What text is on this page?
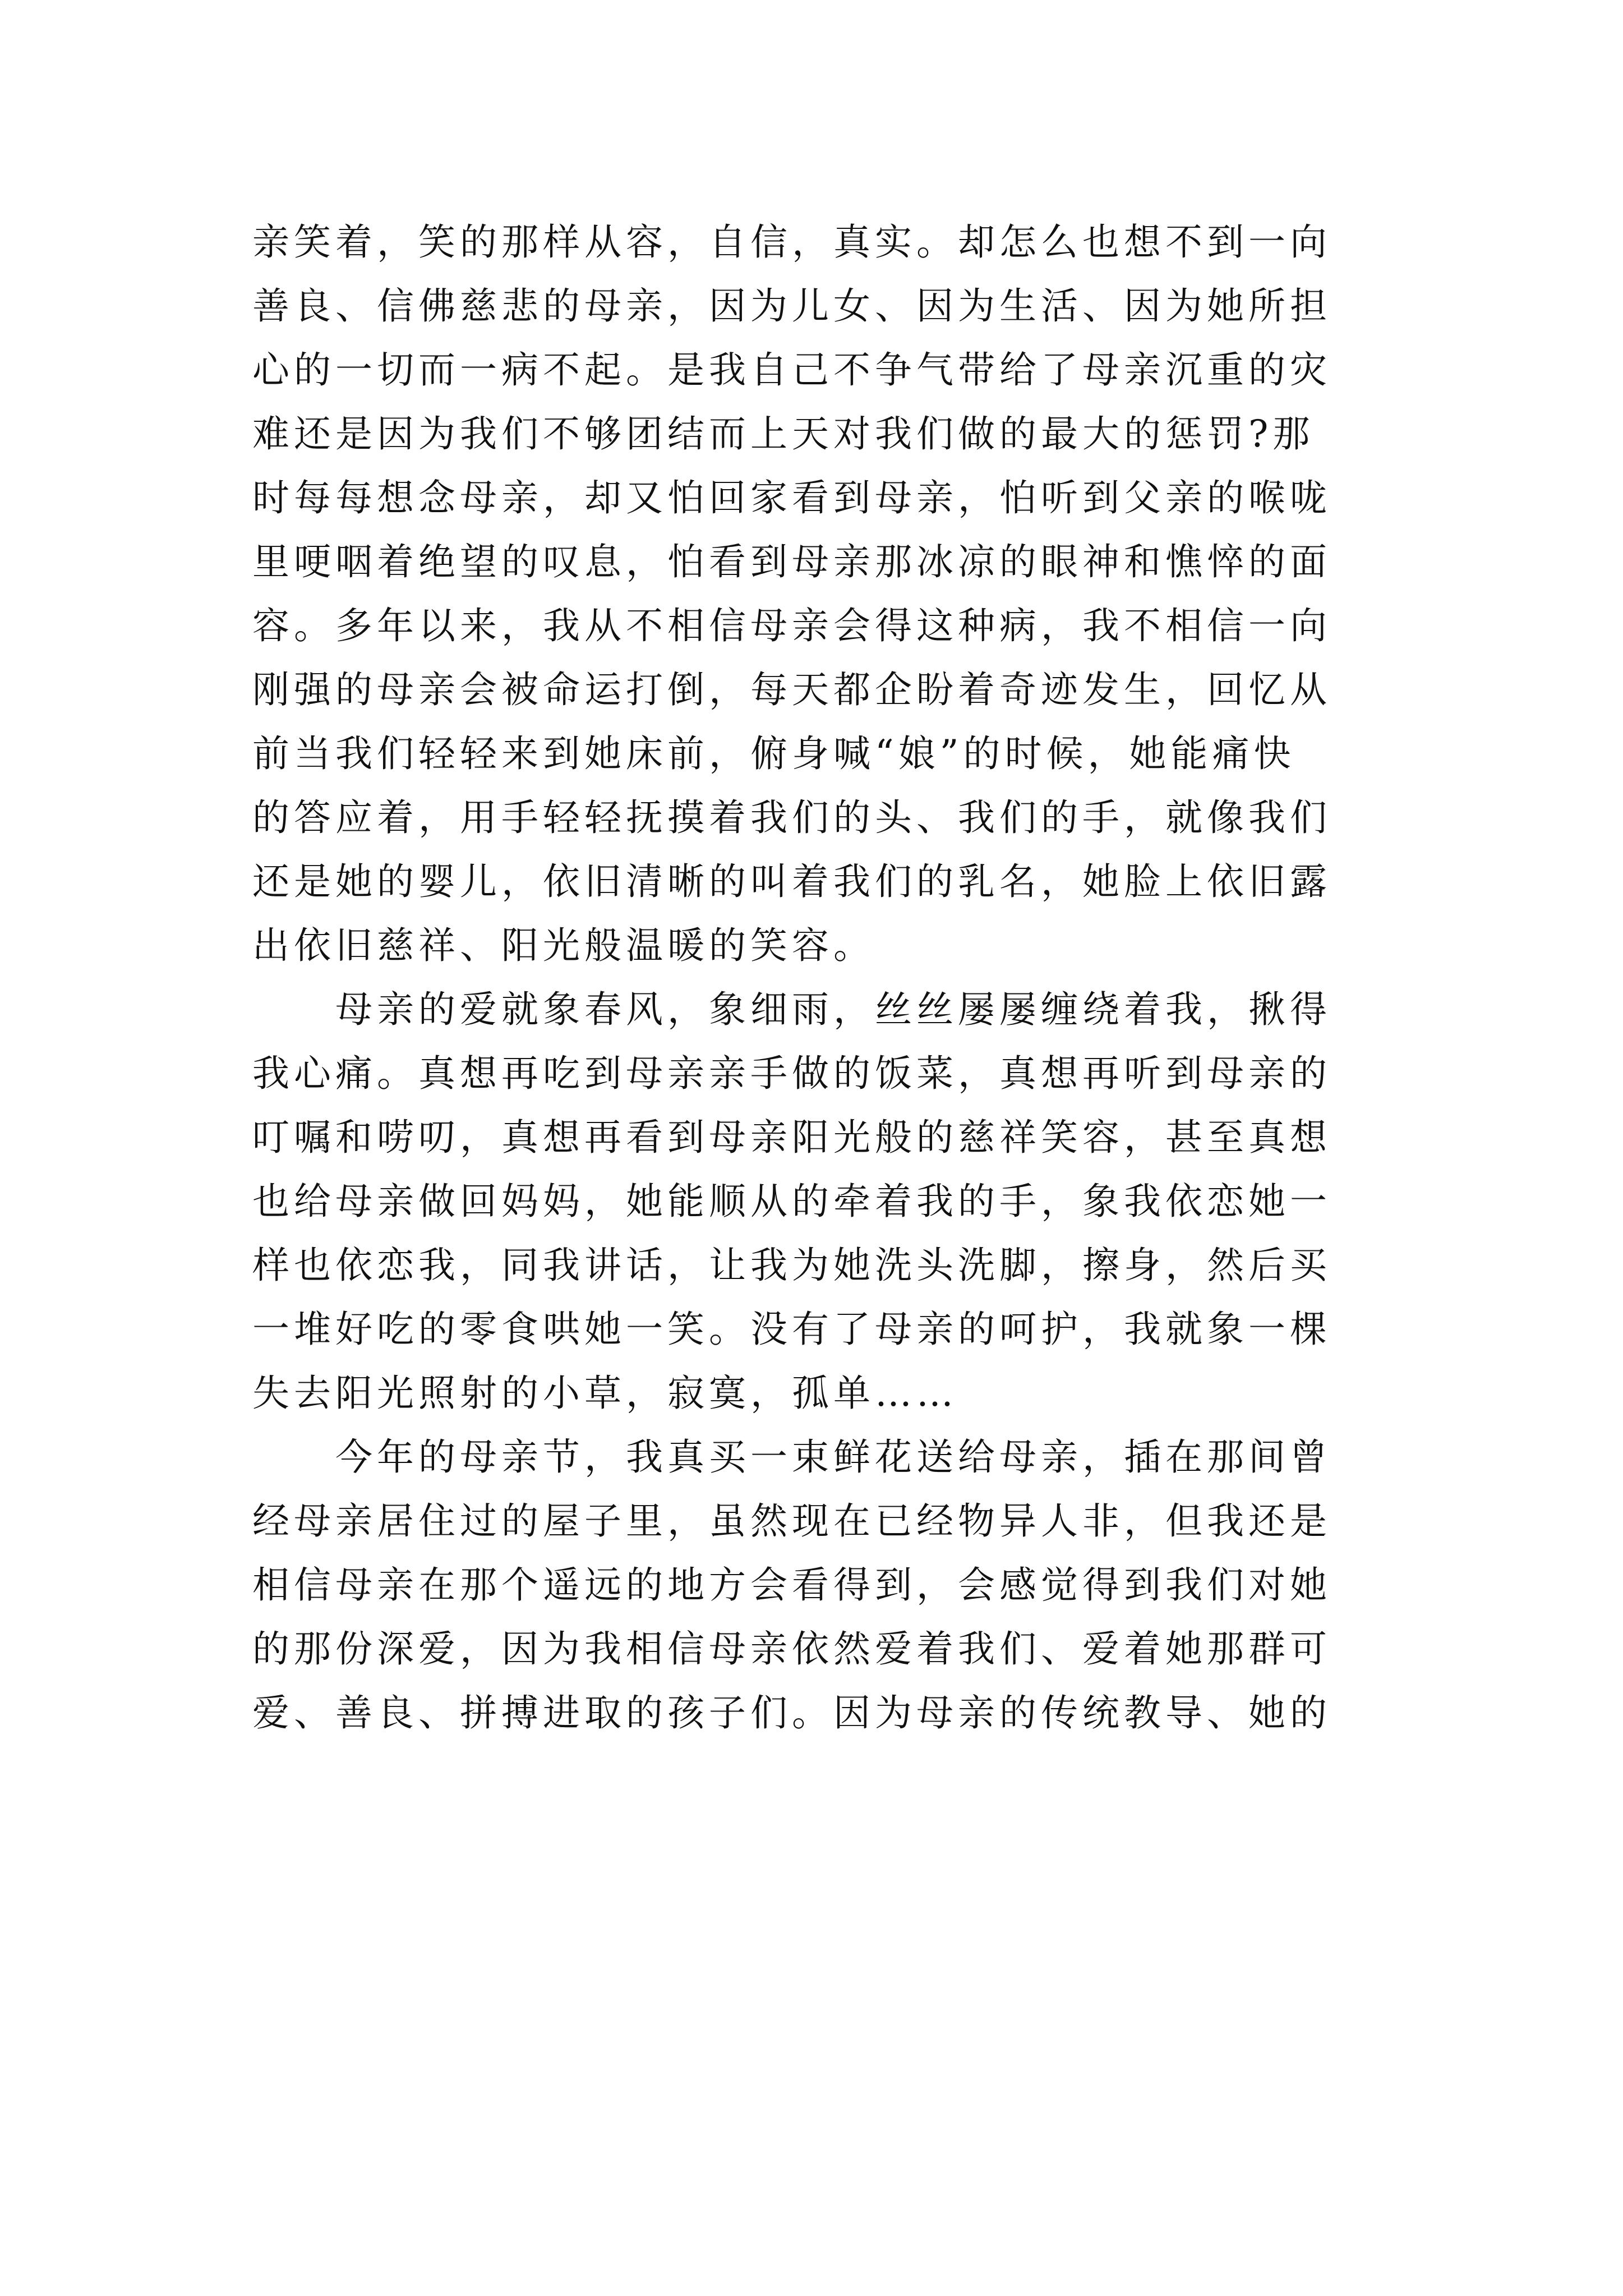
亲笑着，笑的那样从容，自信，真实。却怎么也想不到一向
善良、信佛慈悲的母亲，因为儿女、因为生活、因为她所担
心的一切而一病不起。是我自己不争气带给了母亲沉重的灾
难还是因为我们不够团结而上天对我们做的最大的惩罚?那
时每每想念母亲，却又怕回家看到母亲，怕听到父亲的喉咙
里哽咽着绝望的叹息，怕看到母亲那冰凉的眼神和憔悴的面
容。多年以来，我从不相信母亲会得这种病，我不相信一向
刚强的母亲会被命运打倒，每天都企盼着奇迹发生，回忆从
前当我们轻轻来到她床前，俯身喊“娘”的时候，她能痛快
的答应着，用手轻轻抚摸着我们的头、我们的手，就像我们
还是她的婴儿，依旧清晰的叫着我们的乳名，她脸上依旧露
出依旧慈祥、阳光般温暖的笑容。

母亲的爱就象春风，象细雨，丝丝屡屡缠绕着我，揪得
我心痛。真想再吃到母亲亲手做的饭菜，真想再听到母亲的
叮嘱和唠叨，真想再看到母亲阳光般的慈祥笑容，甚至真想
也给母亲做回妈妈，她能顺从的牵着我的手，象我依恋她一
样也依恋我，同我讲话，让我为她洗头洗脚，擦身，然后买
一堆好吃的零食哄她一笑。没有了母亲的呵护，我就象一棵
失去阳光照射的小草，寂寞，孤单……

今年的母亲节，我真买一束鲜花送给母亲，插在那间曾
经母亲居住过的屋子里，虽然现在已经物异人非，但我还是
相信母亲在那个遥远的地方会看得到，会感觉得到我们对她
的那份深爱，因为我相信母亲依然爱着我们、爱着她那群可
爱、善良、拼搏进取的孩子们。因为母亲的传统教导、她的
